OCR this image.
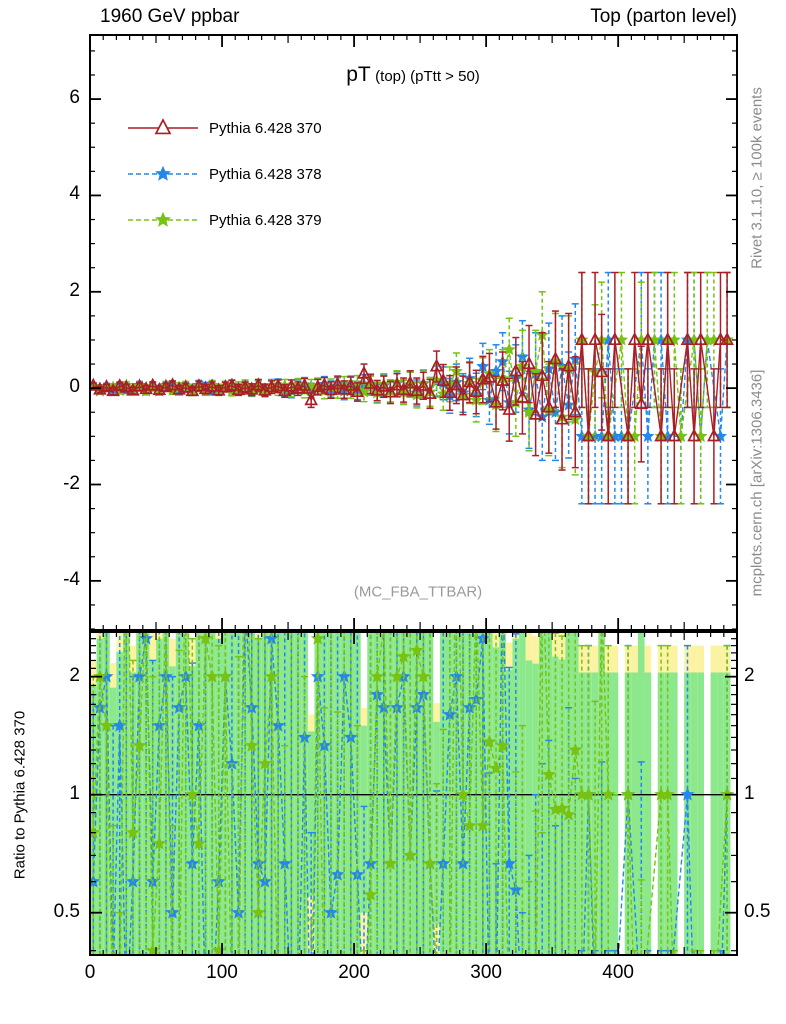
1960 GeV ppbar	Top (parton level)
pT (top) (pTtt > 50)
Pythia 6.428 370
Pythia 6.428 378
Pythia 6.428 379
(MC_FBA_TTBAR)
Rivet 3.1.10, ≥ 100k events
mcplots.cern.ch [arXiv:1306.3436]
Ratio to Pythia 6.428 370
0	100	200	300	400
6
4
2
0
-2
-4
2	2
1	1
0.5	0.5
